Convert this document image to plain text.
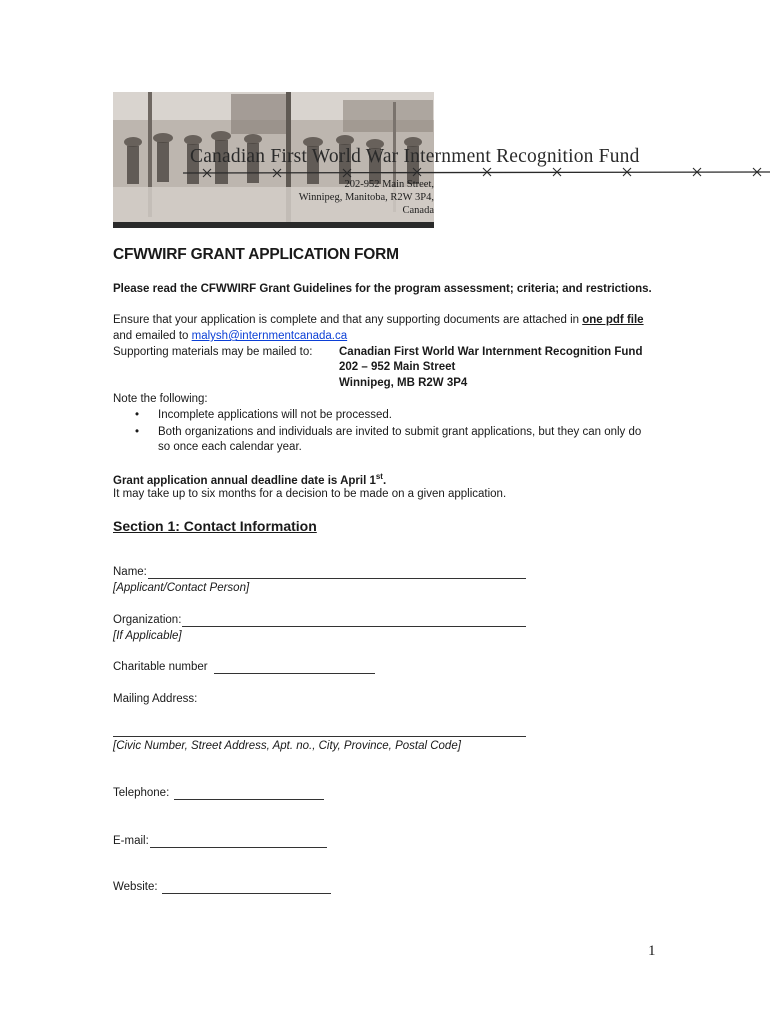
Canadian First World War Internment Recognition Fund
202-952 Main Street,
Winnipeg, Manitoba, R2W 3P4,
Canada
CFWWIRF GRANT APPLICATION FORM
Please read the CFWWIRF Grant Guidelines for the program assessment; criteria; and restrictions.
Ensure that your application is complete and that any supporting documents are attached in one pdf file
and emailed to malysh@internmentcanada.ca
Supporting materials may be mailed to: Canadian First World War Internment Recognition Fund
202 – 952 Main Street
Winnipeg, MB R2W 3P4
Note the following:
• Incomplete applications will not be processed.
• Both organizations and individuals are invited to submit grant applications, but they can only do
so once each calendar year.
Grant application annual deadline date is April 1st.
It may take up to six months for a decision to be made on a given application.
Section 1: Contact Information
Name:
[Applicant/Contact Person]
Organization:
[If Applicable]
Charitable number
Mailing Address:
[Civic Number, Street Address, Apt. no., City, Province, Postal Code]
Telephone:
E-mail:
Website:
1
